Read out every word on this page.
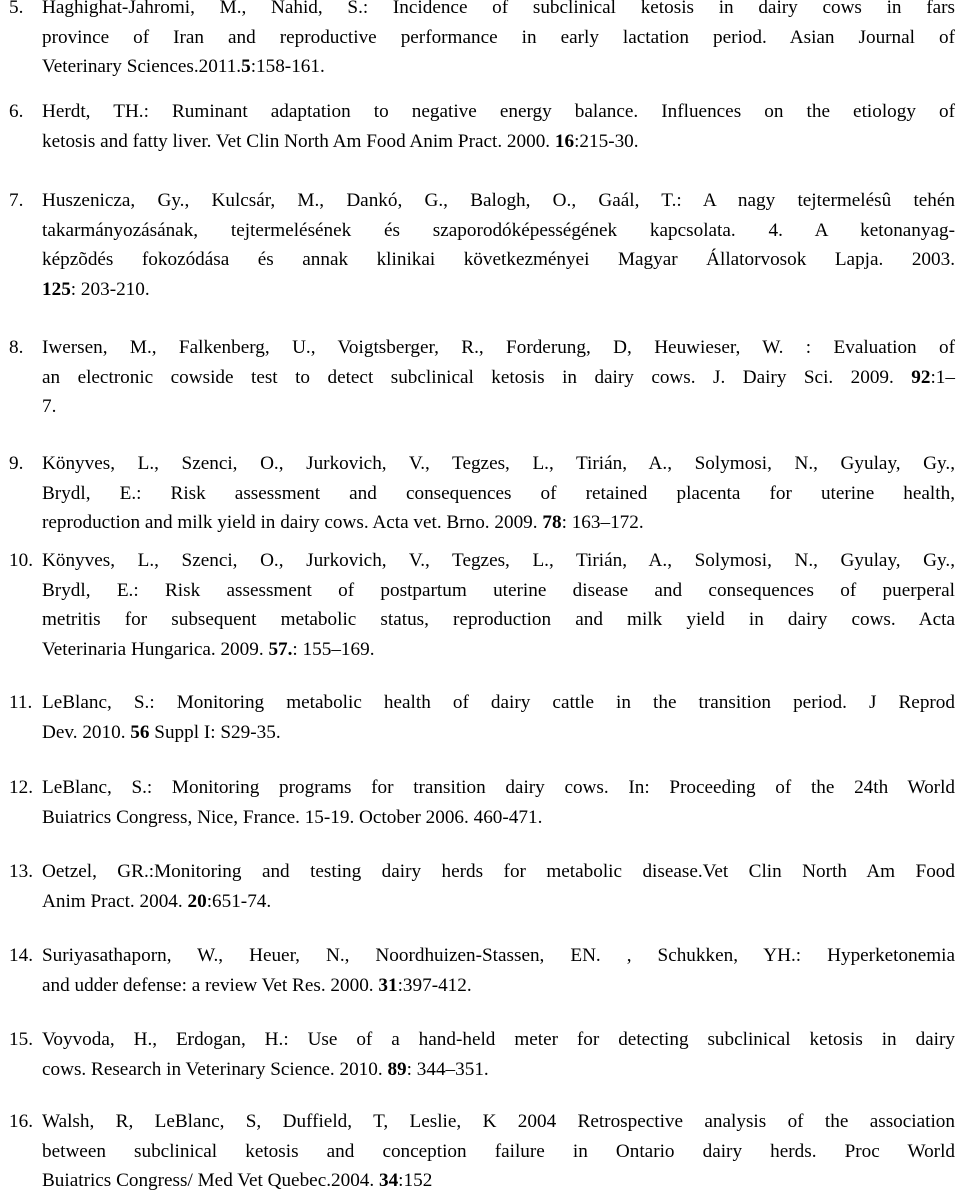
5. Haghighat-Jahromi, M., Nahid, S.: Incidence of subclinical ketosis in dairy cows in fars
province of Iran and reproductive performance in early lactation period. Asian Journal of
Veterinary Sciences.2011.5:158-161.
6. Herdt, TH.: Ruminant adaptation to negative energy balance. Influences on the etiology of
ketosis and fatty liver. Vet Clin North Am Food Anim Pract. 2000. 16:215-30.
7. Huszenicza, Gy., Kulcsár, M., Dankó, G., Balogh, O., Gaál, T.: A nagy tejtermelésû tehén
takarmányozásának, tejtermelésének és szaporodóképességének kapcsolata. 4. A ketonanyag-
képzõdés fokozódása és annak klinikai következményei Magyar Állatorvosok Lapja. 2003.
125: 203-210.
8. Iwersen, M., Falkenberg, U., Voigtsberger, R., Forderung, D, Heuwieser, W. : Evaluation of
an electronic cowside test to detect subclinical ketosis in dairy cows. J. Dairy Sci. 2009. 92:1–
7.
9. Könyves, L., Szenci, O., Jurkovich, V., Tegzes, L., Tirián, A., Solymosi, N., Gyulay, Gy.,
Brydl, E.: Risk assessment and consequences of retained placenta for uterine health,
reproduction and milk yield in dairy cows. Acta vet. Brno. 2009. 78: 163–172.
10. Könyves, L., Szenci, O., Jurkovich, V., Tegzes, L., Tirián, A., Solymosi, N., Gyulay, Gy.,
Brydl, E.: Risk assessment of postpartum uterine disease and consequences of puerperal
metritis for subsequent metabolic status, reproduction and milk yield in dairy cows. Acta
Veterinaria Hungarica. 2009. 57.: 155–169.
11. LeBlanc, S.: Monitoring metabolic health of dairy cattle in the transition period. J Reprod
Dev. 2010. 56 Suppl I: S29-35.
12. LeBlanc, S.: Monitoring programs for transition dairy cows. In: Proceeding of the 24th World
Buiatrics Congress, Nice, France. 15-19. October 2006. 460-471.
13. Oetzel, GR.:Monitoring and testing dairy herds for metabolic disease.Vet Clin North Am Food
Anim Pract. 2004. 20:651-74.
14. Suriyasathaporn, W., Heuer, N., Noordhuizen-Stassen, EN. , Schukken, YH.: Hyperketonemia
and udder defense: a review Vet Res. 2000. 31:397-412.
15. Voyvoda, H., Erdogan, H.: Use of a hand-held meter for detecting subclinical ketosis in dairy
cows. Research in Veterinary Science. 2010. 89: 344–351.
16. Walsh, R, LeBlanc, S, Duffield, T, Leslie, K 2004 Retrospective analysis of the association
between subclinical ketosis and conception failure in Ontario dairy herds. Proc World
Buiatrics Congress/ Med Vet Quebec.2004. 34:152
